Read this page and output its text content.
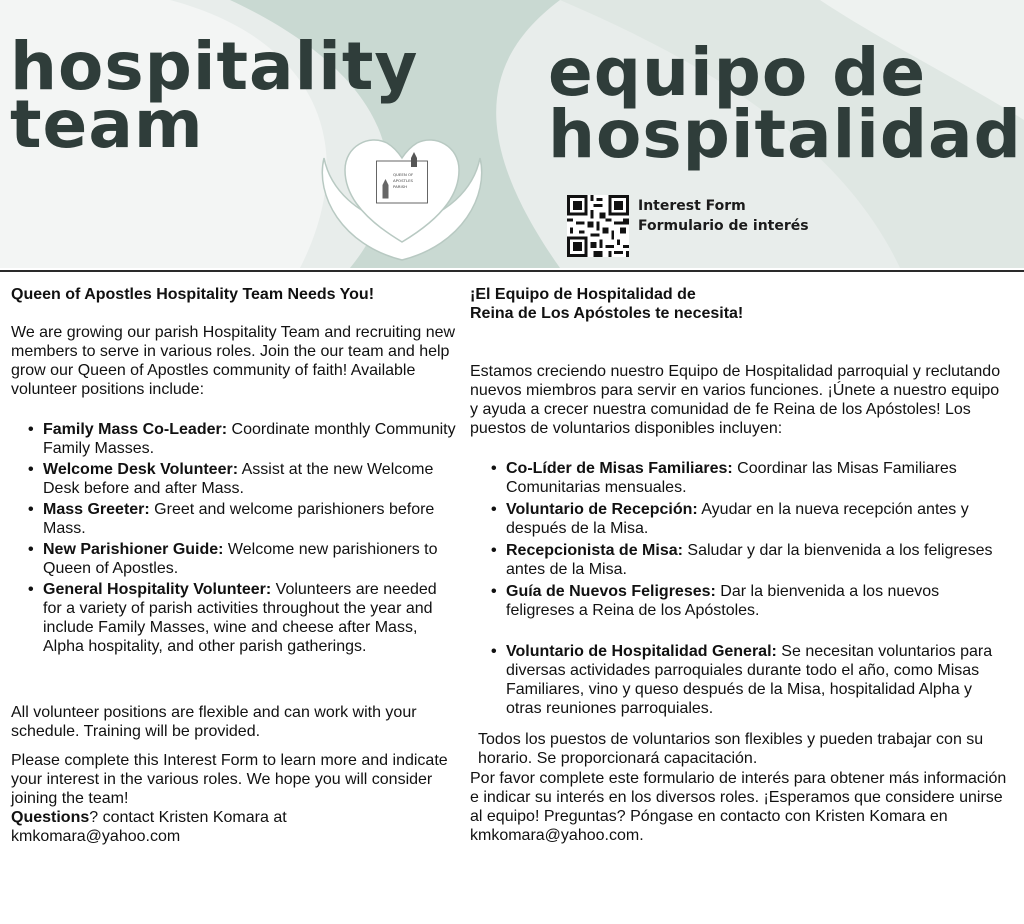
hospitality
team
equipo de
hospitalidad
QUEEN OF
APOSTLES
PARISH
Interest Form
Formulario de interés

Queen of Apostles Hospitality Team Needs You!

We are growing our parish Hospitality Team and recruiting new members to serve in various roles. Join the our team and help grow our Queen of Apostles community of faith! Available volunteer positions include:

• Family Mass Co-Leader: Coordinate monthly Community Family Masses.
• Welcome Desk Volunteer: Assist at the new Welcome Desk before and after Mass.
• Mass Greeter: Greet and welcome parishioners before Mass.
• New Parishioner Guide: Welcome new parishioners to Queen of Apostles.
• General Hospitality Volunteer: Volunteers are needed for a variety of parish activities throughout the year and include Family Masses, wine and cheese after Mass, Alpha hospitality, and other parish gatherings.

All volunteer positions are flexible and can work with your schedule. Training will be provided.

Please complete this Interest Form to learn more and indicate your interest in the various roles. We hope you will consider joining the team!
Questions? contact Kristen Komara at kmkomara@yahoo.com

¡El Equipo de Hospitalidad de
Reina de Los Apóstoles te necesita!

Estamos creciendo nuestro Equipo de Hospitalidad parroquial y reclutando nuevos miembros para servir en varios funciones. ¡Únete a nuestro equipo y ayuda a crecer nuestra comunidad de fe Reina de los Apóstoles! Los puestos de voluntarios disponibles incluyen:

• Co-Líder de Misas Familiares: Coordinar las Misas Familiares Comunitarias mensuales.
• Voluntario de Recepción: Ayudar en la nueva recepción antes y después de la Misa.
• Recepcionista de Misa: Saludar y dar la bienvenida a los feligreses antes de la Misa.
• Guía de Nuevos Feligreses: Dar la bienvenida a los nuevos feligreses a Reina de los Apóstoles.
• Voluntario de Hospitalidad General: Se necesitan voluntarios para diversas actividades parroquiales durante todo el año, como Misas Familiares, vino y queso después de la Misa, hospitalidad Alpha y otras reuniones parroquiales.

Todos los puestos de voluntarios son flexibles y pueden trabajar con su horario. Se proporcionará capacitación.

Por favor complete este formulario de interés para obtener más información e indicar su interés en los diversos roles. ¡Esperamos que considere unirse al equipo! Preguntas? Póngase en contacto con Kristen Komara en kmkomara@yahoo.com.
